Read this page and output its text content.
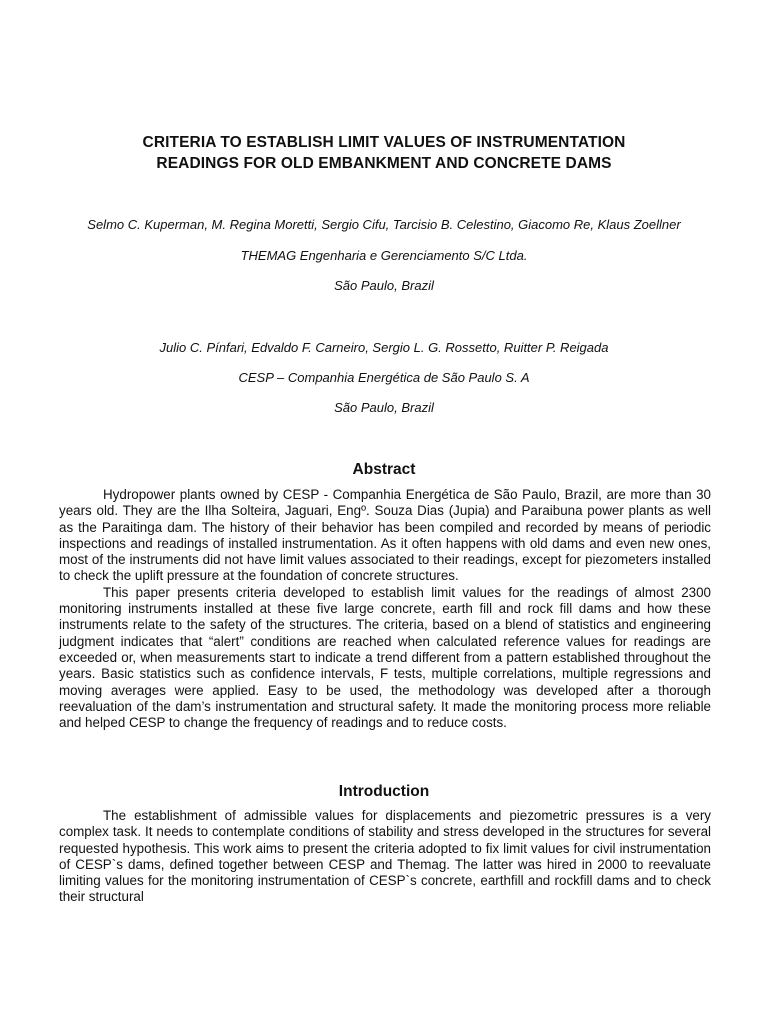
CRITERIA TO ESTABLISH LIMIT VALUES OF INSTRUMENTATION
READINGS FOR OLD EMBANKMENT AND CONCRETE DAMS
Selmo C. Kuperman, M. Regina Moretti, Sergio Cifu, Tarcisio B. Celestino, Giacomo Re, Klaus Zoellner
THEMAG Engenharia e Gerenciamento S/C Ltda.
São Paulo, Brazil
Julio C. Pínfari, Edvaldo F. Carneiro, Sergio L. G. Rossetto, Ruitter P. Reigada
CESP – Companhia Energética de São Paulo S. A
São Paulo, Brazil
Abstract

Hydropower plants owned by CESP - Companhia Energética de São Paulo, Brazil, are more than 30 years old. They are the Ilha Solteira, Jaguari, Engº. Souza Dias (Jupia) and Paraibuna power plants as well as the Paraitinga dam. The history of their behavior has been compiled and recorded by means of periodic inspections and readings of installed instrumentation. As it often happens with old dams and even new ones, most of the instruments did not have limit values associated to their readings, except for piezometers installed to check the uplift pressure at the foundation of concrete structures.

This paper presents criteria developed to establish limit values for the readings of almost 2300 monitoring instruments installed at these five large concrete, earth fill and rock fill dams and how these instruments relate to the safety of the structures. The criteria, based on a blend of statistics and engineering judgment indicates that “alert” conditions are reached when calculated reference values for readings are exceeded or, when measurements start to indicate a trend different from a pattern established throughout the years. Basic statistics such as confidence intervals, F tests, multiple correlations, multiple regressions and moving averages were applied. Easy to be used, the methodology was developed after a thorough reevaluation of the dam’s instrumentation and structural safety. It made the monitoring process more reliable and helped CESP to change the frequency of readings and to reduce costs.

Introduction

The establishment of admissible values for displacements and piezometric pressures is a very complex task. It needs to contemplate conditions of stability and stress developed in the structures for several requested hypothesis. This work aims to present the criteria adopted to fix limit values for civil instrumentation of CESP`s dams, defined together between CESP and Themag. The latter was hired in 2000 to reevaluate limiting values for the monitoring instrumentation of CESP`s concrete, earthfill and rockfill dams and to check their structural
